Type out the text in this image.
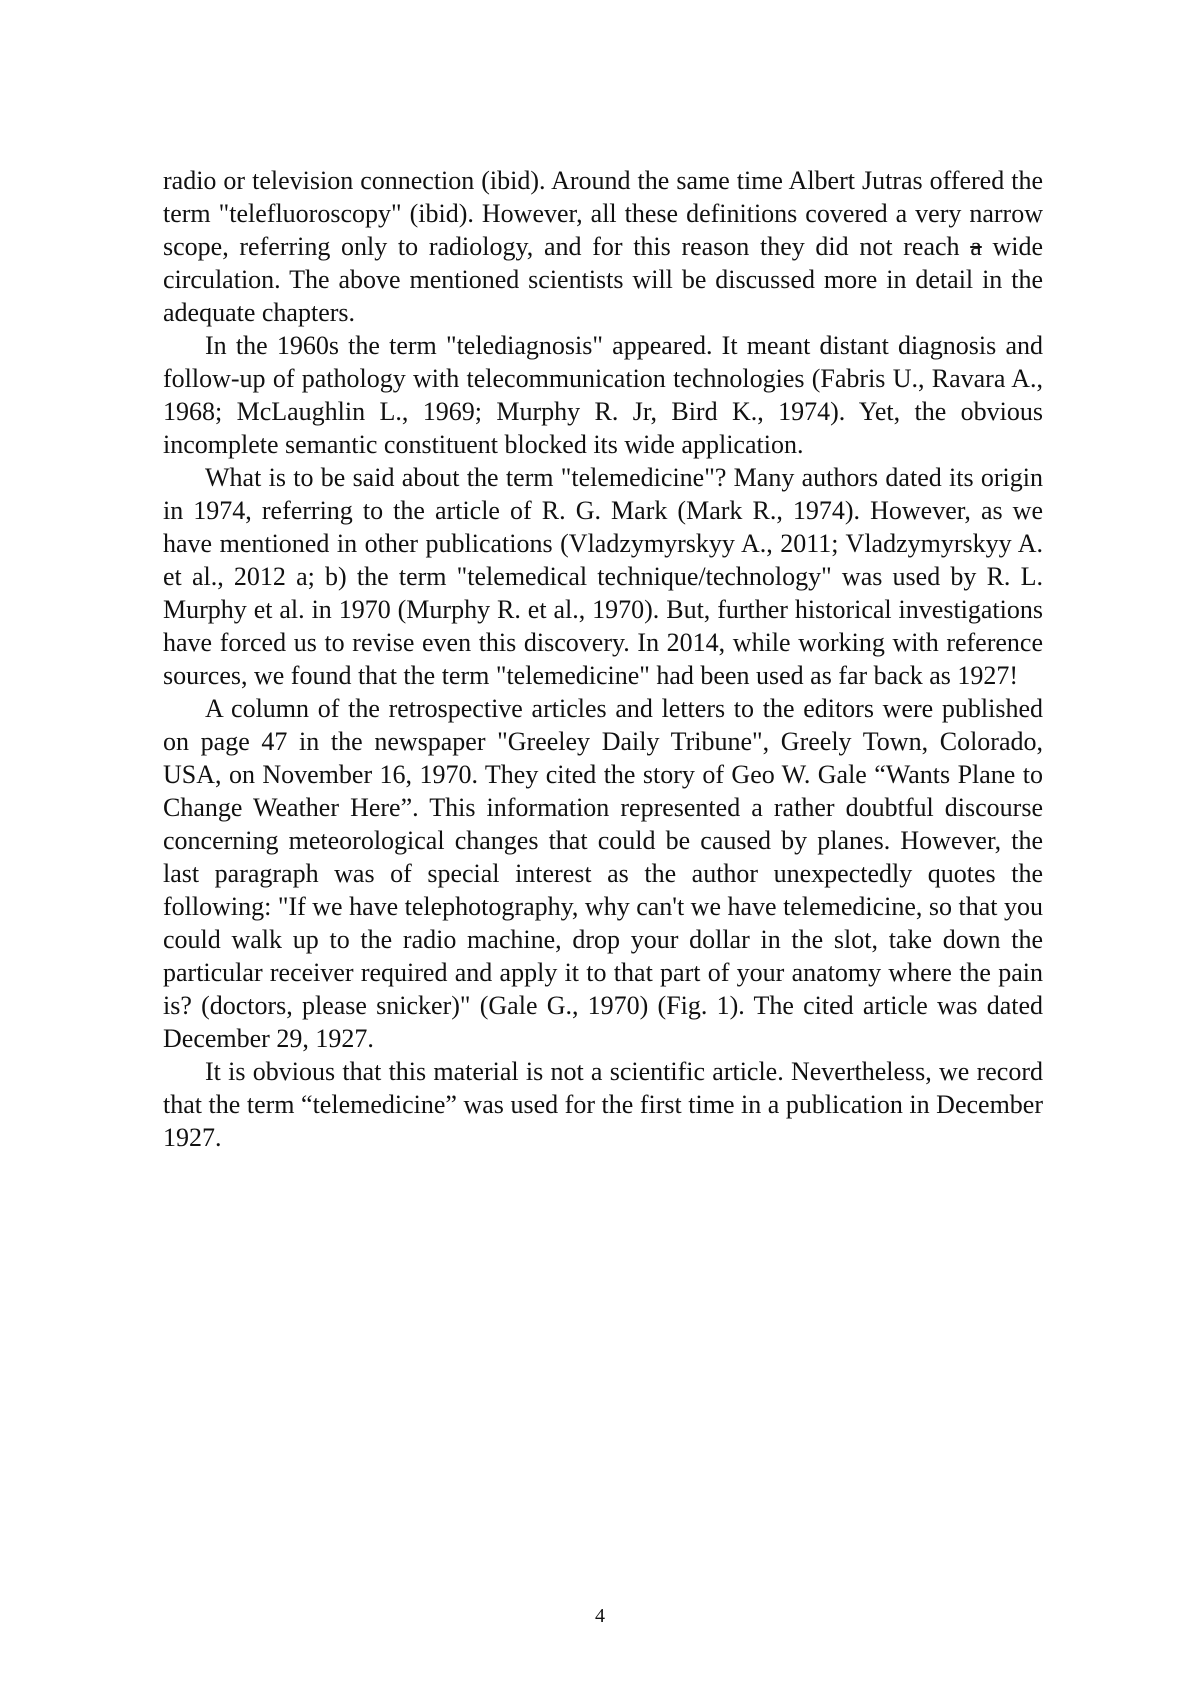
radio or television connection (ibid). Around the same time Albert Jutras offered the term "telefluoroscopy" (ibid). However, all these definitions covered a very narrow scope, referring only to radiology, and for this reason they did not reach a wide circulation. The above mentioned scientists will be discussed more in detail in the adequate chapters.

In the 1960s the term "telediagnosis" appeared. It meant distant diagnosis and follow-up of pathology with telecommunication technologies (Fabris U., Ravara A., 1968; McLaughlin L., 1969; Murphy R. Jr, Bird K., 1974). Yet, the obvious incomplete semantic constituent blocked its wide application.

What is to be said about the term "telemedicine"? Many authors dated its origin in 1974, referring to the article of R. G. Mark (Mark R., 1974). However, as we have mentioned in other publications (Vladzymyrskyy A., 2011; Vladzymyrskyy A. et al., 2012 a; b) the term "telemedical technique/technology" was used by R. L. Murphy et al. in 1970 (Murphy R. et al., 1970). But, further historical investigations have forced us to revise even this discovery. In 2014, while working with reference sources, we found that the term "telemedicine" had been used as far back as 1927!

A column of the retrospective articles and letters to the editors were published on page 47 in the newspaper "Greeley Daily Tribune", Greely Town, Colorado, USA, on November 16, 1970. They cited the story of Geo W. Gale “Wants Plane to Change Weather Here”. This information represented a rather doubtful discourse concerning meteorological changes that could be caused by planes. However, the last paragraph was of special interest as the author unexpectedly quotes the following: "If we have telephotography, why can't we have telemedicine, so that you could walk up to the radio machine, drop your dollar in the slot, take down the particular receiver required and apply it to that part of your anatomy where the pain is? (doctors, please snicker)" (Gale G., 1970) (Fig. 1). The cited article was dated December 29, 1927.

It is obvious that this material is not a scientific article. Nevertheless, we record that the term “telemedicine” was used for the first time in a publication in December 1927.

4
